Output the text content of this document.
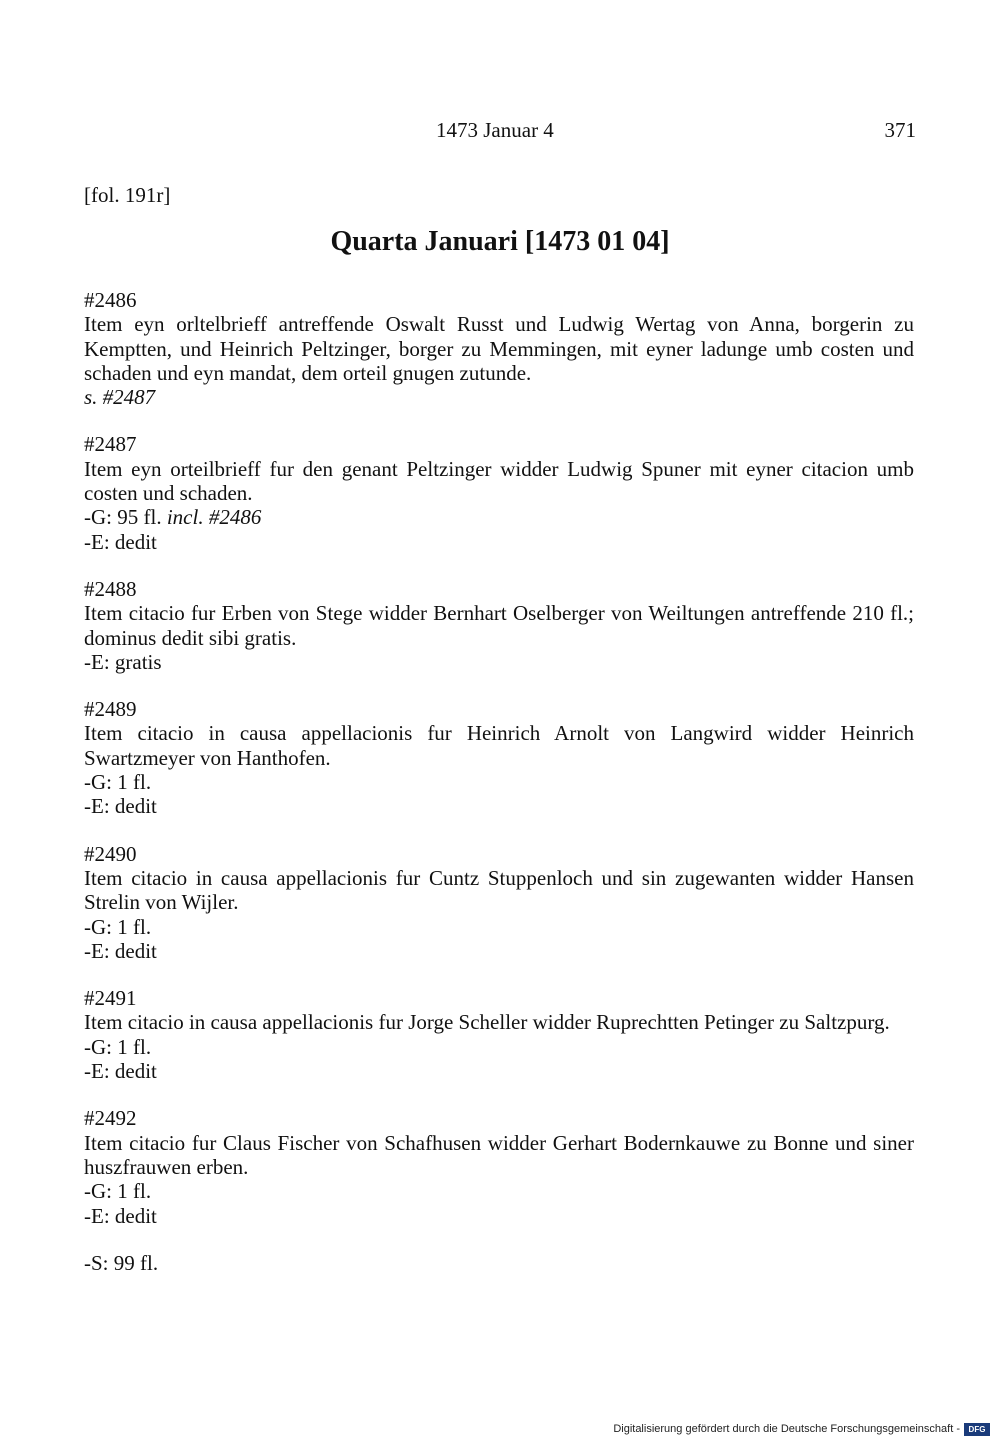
1473 Januar 4	371
[fol. 191r]
Quarta Januari [1473 01 04]
#2486
Item eyn orltelbrieff antreffende Oswalt Russt und Ludwig Wertag von Anna, borgerin zu Kemptten, und Heinrich Peltzinger, borger zu Memmingen, mit eyner ladunge umb costen und schaden und eyn mandat, dem orteil gnugen zutunde.
s. #2487
#2487
Item eyn orteilbrieff fur den genant Peltzinger widder Ludwig Spuner mit eyner citacion umb costen und schaden.
-G: 95 fl. incl. #2486
-E: dedit
#2488
Item citacio fur Erben von Stege widder Bernhart Oselberger von Weiltungen antreffende 210 fl.; dominus dedit sibi gratis.
-E: gratis
#2489
Item citacio in causa appellacionis fur Heinrich Arnolt von Langwird widder Heinrich Swartzmeyer von Hanthofen.
-G: 1 fl.
-E: dedit
#2490
Item citacio in causa appellacionis fur Cuntz Stuppenloch und sin zugewanten widder Hansen Strelin von Wijler.
-G: 1 fl.
-E: dedit
#2491
Item citacio in causa appellacionis fur Jorge Scheller widder Ruprechtten Petinger zu Saltzpurg.
-G: 1 fl.
-E: dedit
#2492
Item citacio fur Claus Fischer von Schafhusen widder Gerhart Bodernkauwe zu Bonne und siner huszfrauwen erben.
-G: 1 fl.
-E: dedit
-S: 99 fl.
Digitalisierung gefördert durch die Deutsche Forschungsgemeinschaft -	DFG
